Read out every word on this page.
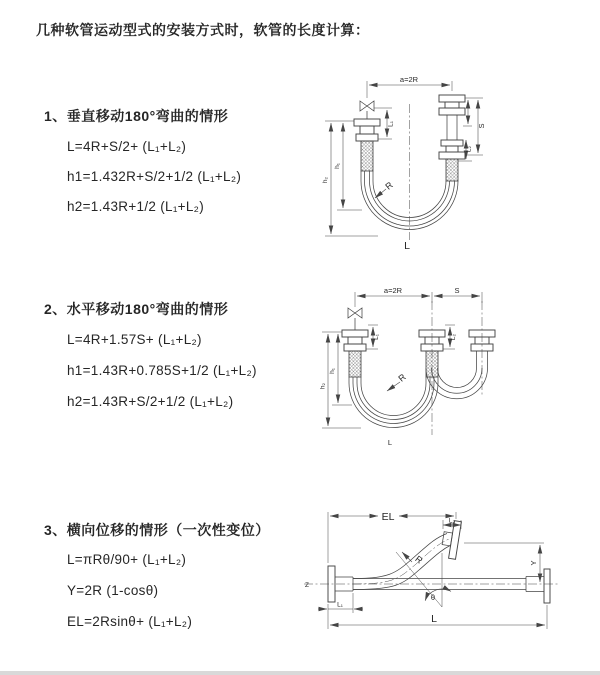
几种软管运动型式的安装方式时，软管的长度计算：
1、垂直移动180°弯曲的情形
L=4R+S/2+ (L₁+L₂)
h1=1.432R+S/2+1/2 (L₁+L₂)
h2=1.43R+1/2 (L₁+L₂)
2、水平移动180°弯曲的情形
L=4R+1.57S+ (L₁+L₂)
h1=1.43R+0.785S+1/2 (L₁+L₂)
h2=1.43R+S/2+1/2 (L₁+L₂)
3、横向位移的情形（一次性变位）
L=πRθ/90+ (L₁+L₂)
Y=2R (1-cosθ)
EL=2Rsinθ+ (L₁+L₂)
a=2R
h₁
h₂
L₁	S
L₂
R
L
a=2R	S
h₁
h₂
L₁	L₂
R
L
Z
EL	L₂
Y
L
L₁
R
θ
